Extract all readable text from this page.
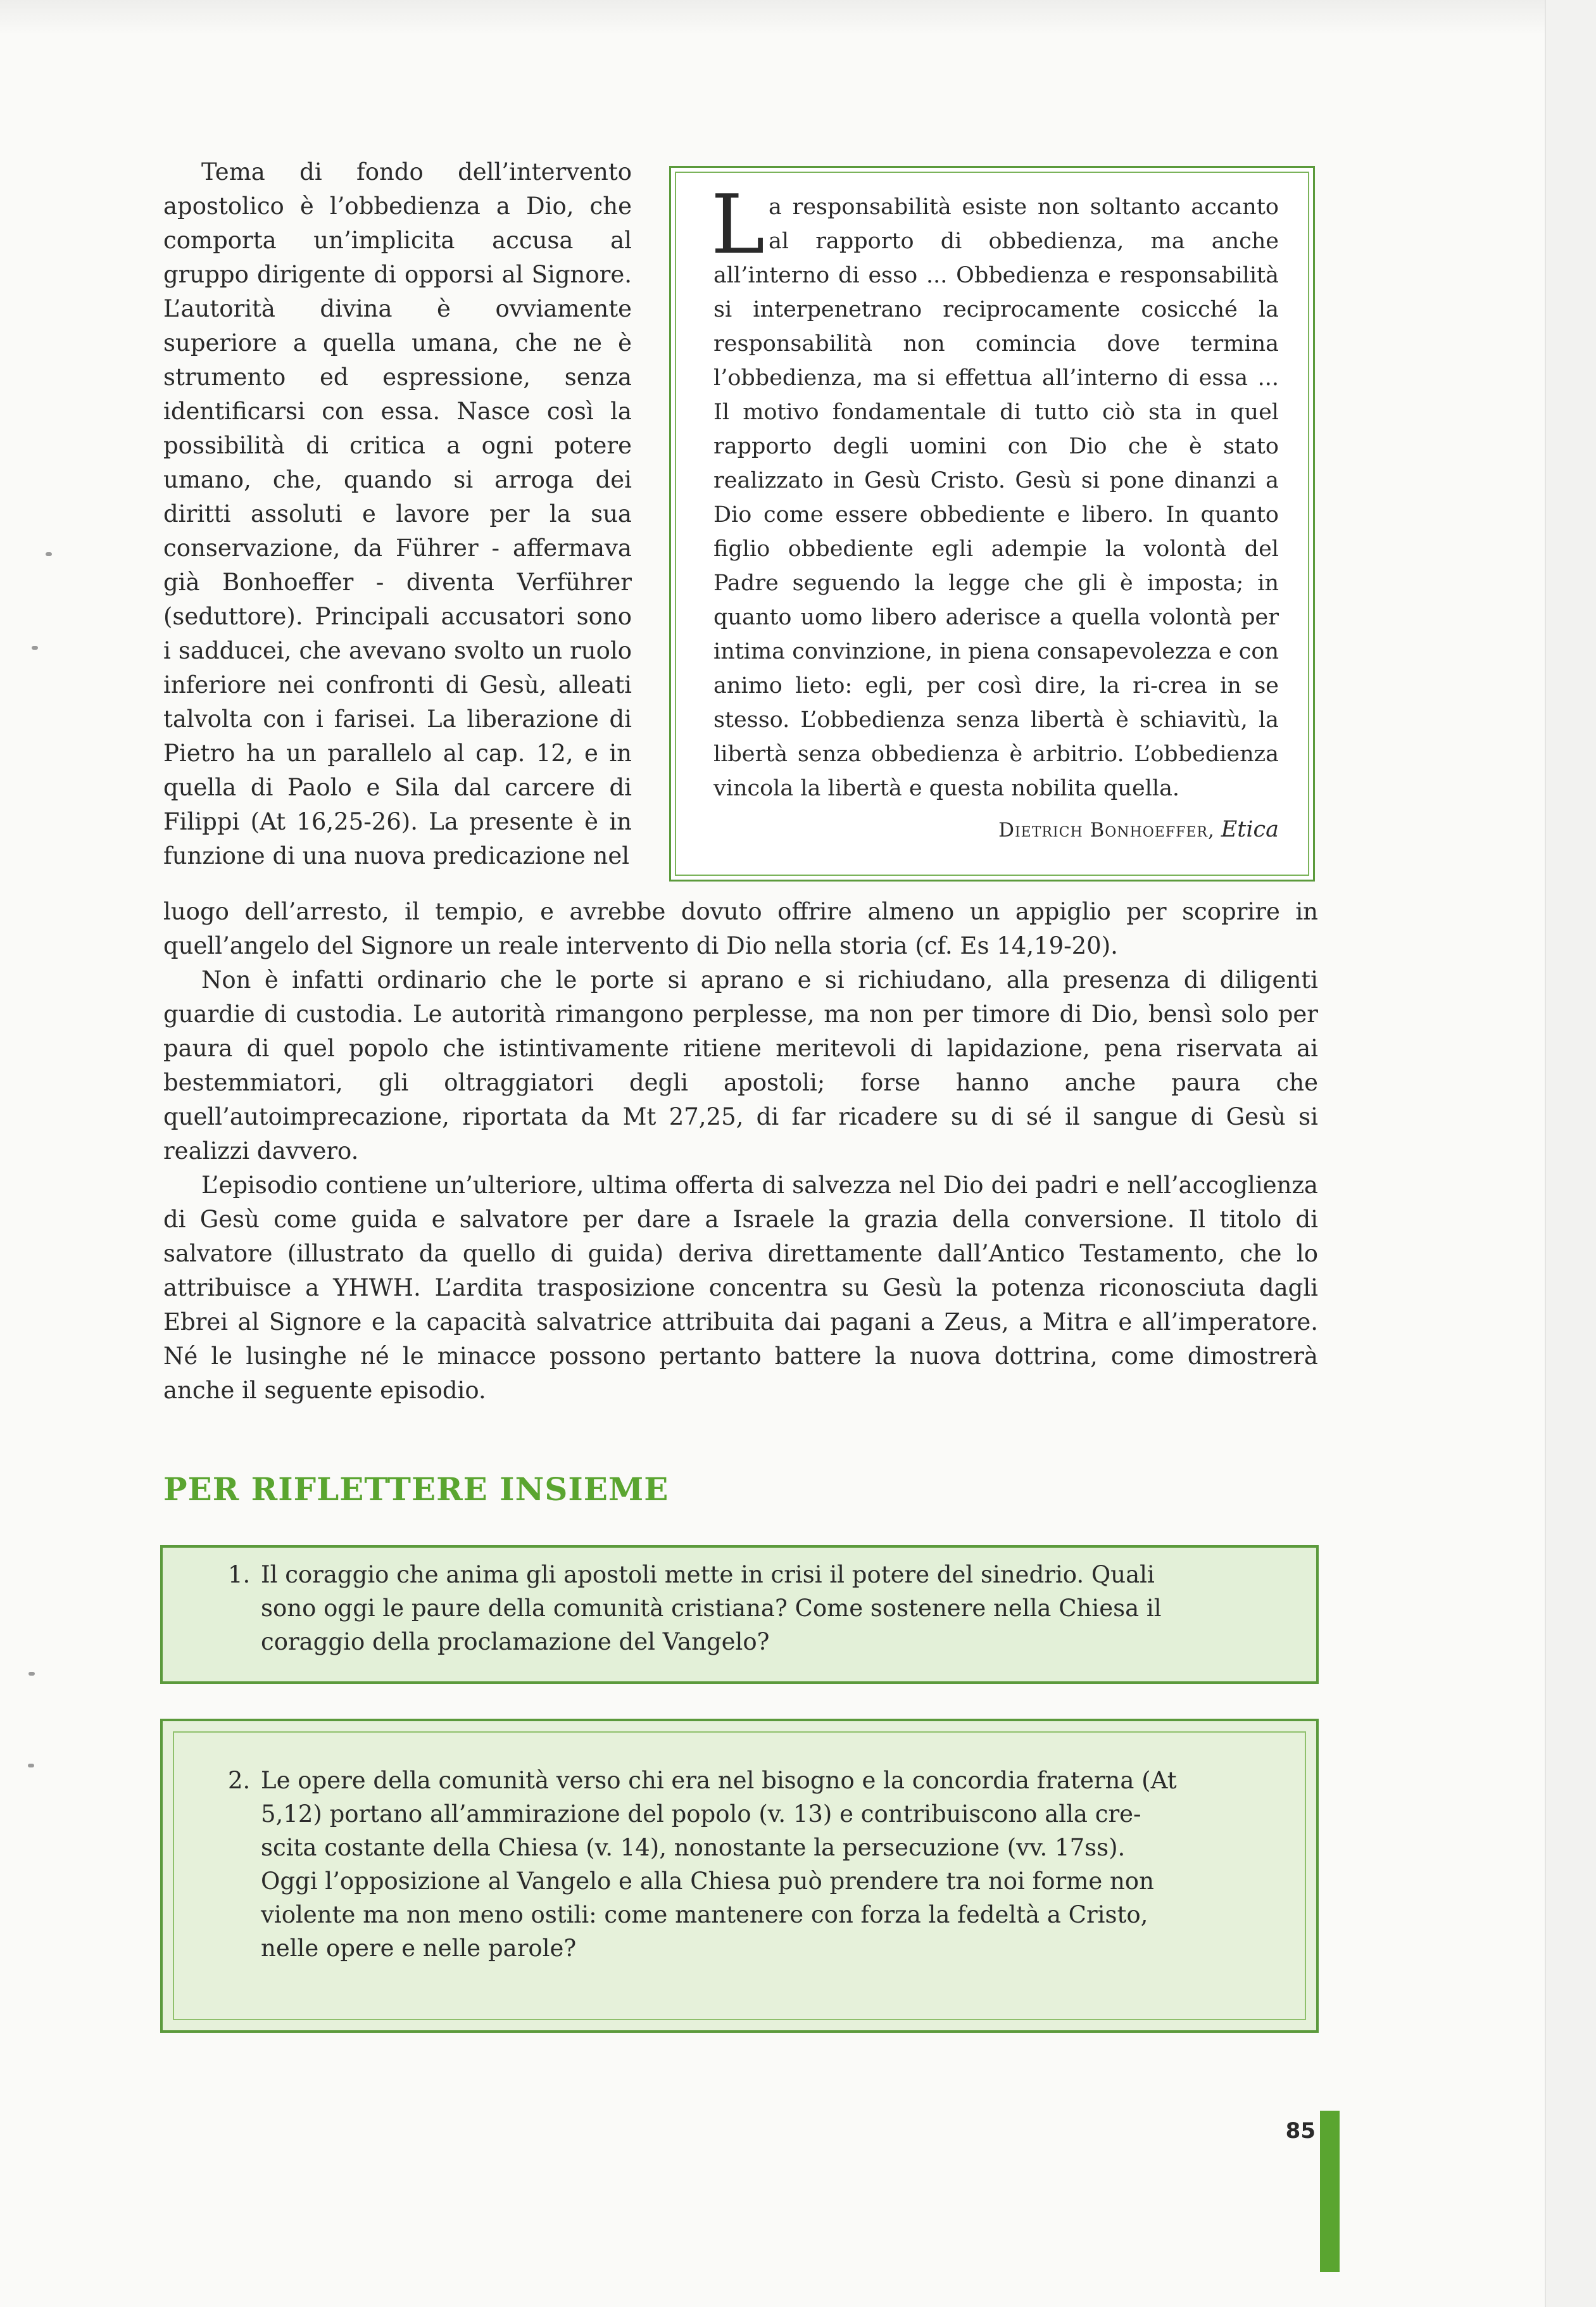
Tema di fondo dell’intervento apostolico è l’obbedienza a Dio, che comporta un’implicita accusa al gruppo dirigente di opporsi al Signore. L’autorità divina è ovviamente superiore a quella umana, che ne è strumento ed espressione, senza identificarsi con essa. Nasce così la possibilità di critica a ogni potere umano, che, quando si arroga dei diritti assoluti e lavore per la sua conservazione, da Führer - affermava già Bonhoeffer - diventa Verführer (seduttore). Principali accusatori sono i sadducei, che avevano svolto un ruolo inferiore nei confronti di Gesù, alleati talvolta con i farisei. La liberazione di Pietro ha un parallelo al cap. 12, e in quella di Paolo e Sila dal carcere di Filippi (At 16,25-26). La presente è in funzione di una nuova predicazione nel

La responsabilità esiste non soltanto accanto al rapporto di obbedienza, ma anche all’interno di esso ... Obbedienza e responsabilità si interpenetrano reciprocamente cosicché la responsabilità non comincia dove termina l’obbedienza, ma si effettua all’interno di essa ... Il motivo fondamentale di tutto ciò sta in quel rapporto degli uomini con Dio che è stato realizzato in Gesù Cristo. Gesù si pone dinanzi a Dio come essere obbediente e libero. In quanto figlio obbediente egli adempie la volontà del Padre seguendo la legge che gli è imposta; in quanto uomo libero aderisce a quella volontà per intima convinzione, in piena consapevolezza e con animo lieto: egli, per così dire, la ri-crea in se stesso. L’obbedienza senza libertà è schiavitù, la libertà senza obbedienza è arbitrio. L’obbedienza vincola la libertà e questa nobilita quella.

Dietrich Bonhoeffer, Etica

luogo dell’arresto, il tempio, e avrebbe dovuto offrire almeno un appiglio per scoprire in quell’angelo del Signore un reale intervento di Dio nella storia (cf. Es 14,19-20).

Non è infatti ordinario che le porte si aprano e si richiudano, alla presenza di diligenti guardie di custodia. Le autorità rimangono perplesse, ma non per timore di Dio, bensì solo per paura di quel popolo che istintivamente ritiene meritevoli di lapidazione, pena riservata ai bestemmiatori, gli oltraggiatori degli apostoli; forse hanno anche paura che quell’autoimprecazione, riportata da Mt 27,25, di far ricadere su di sé il sangue di Gesù si realizzi davvero.

L’episodio contiene un’ulteriore, ultima offerta di salvezza nel Dio dei padri e nell’accoglienza di Gesù come guida e salvatore per dare a Israele la grazia della conversione. Il titolo di salvatore (illustrato da quello di guida) deriva direttamente dall’Antico Testamento, che lo attribuisce a YHWH. L’ardita trasposizione concentra su Gesù la potenza riconosciuta dagli Ebrei al Signore e la capacità salvatrice attribuita dai pagani a Zeus, a Mitra e all’imperatore. Né le lusinghe né le minacce possono pertanto battere la nuova dottrina, come dimostrerà anche il seguente episodio.

PER RIFLETTERE INSIEME
1. Il coraggio che anima gli apostoli mette in crisi il potere del sinedrio. Quali
sono oggi le paure della comunità cristiana? Come sostenere nella Chiesa il
coraggio della proclamazione del Vangelo?
2. Le opere della comunità verso chi era nel bisogno e la concordia fraterna (At
5,12) portano all’ammirazione del popolo (v. 13) e contribuiscono alla cre-
scita costante della Chiesa (v. 14), nonostante la persecuzione (vv. 17ss).
Oggi l’opposizione al Vangelo e alla Chiesa può prendere tra noi forme non
violente ma non meno ostili: come mantenere con forza la fedeltà a Cristo,
nelle opere e nelle parole?
85
